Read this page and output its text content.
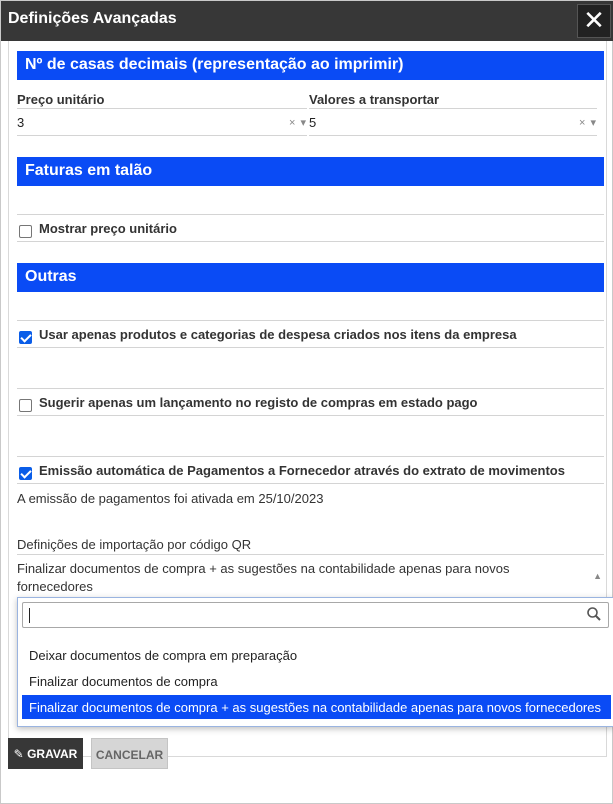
Definições Avançadas	✕
Nº de casas decimais (representação ao imprimir)
Preço unitário
3	× ▾
Valores a transportar
5	× ▾
Faturas em talão
Mostrar preço unitário
Outras
Usar apenas produtos e categorias de despesa criados nos itens da empresa
Sugerir apenas um lançamento no registo de compras em estado pago
Emissão automática de Pagamentos a Fornecedor através do extrato de movimentos
A emissão de pagamentos foi ativada em 25/10/2023
Definições de importação por código QR
Finalizar documentos de compra + as sugestões na contabilidade apenas para novos fornecedores
▲
Deixar documentos de compra em preparação
Finalizar documentos de compra
Finalizar documentos de compra + as sugestões na contabilidade apenas para novos fornecedores
✎ GRAVAR	CANCELAR
